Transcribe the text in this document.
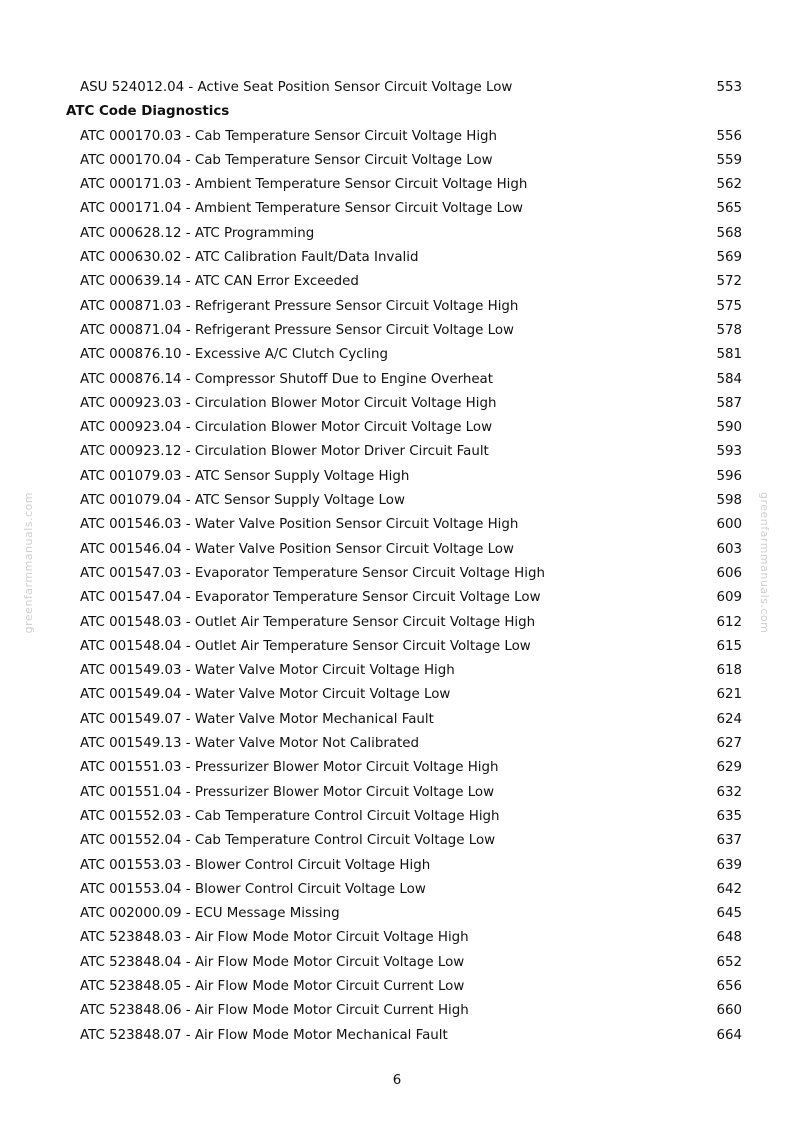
greenfarmmanuals.com	greenfarmmanuals.com
ASU 524012.04 - Active Seat Position Sensor Circuit Voltage Low	553
ATC Code Diagnostics
ATC 000170.03 - Cab Temperature Sensor Circuit Voltage High	556
ATC 000170.04 - Cab Temperature Sensor Circuit Voltage Low	559
ATC 000171.03 - Ambient Temperature Sensor Circuit Voltage High	562
ATC 000171.04 - Ambient Temperature Sensor Circuit Voltage Low	565
ATC 000628.12 - ATC Programming	568
ATC 000630.02 - ATC Calibration Fault/Data Invalid	569
ATC 000639.14 - ATC CAN Error Exceeded	572
ATC 000871.03 - Refrigerant Pressure Sensor Circuit Voltage High	575
ATC 000871.04 - Refrigerant Pressure Sensor Circuit Voltage Low	578
ATC 000876.10 - Excessive A/C Clutch Cycling	581
ATC 000876.14 - Compressor Shutoff Due to Engine Overheat	584
ATC 000923.03 - Circulation Blower Motor Circuit Voltage High	587
ATC 000923.04 - Circulation Blower Motor Circuit Voltage Low	590
ATC 000923.12 - Circulation Blower Motor Driver Circuit Fault	593
ATC 001079.03 - ATC Sensor Supply Voltage High	596
ATC 001079.04 - ATC Sensor Supply Voltage Low	598
ATC 001546.03 - Water Valve Position Sensor Circuit Voltage High	600
ATC 001546.04 - Water Valve Position Sensor Circuit Voltage Low	603
ATC 001547.03 - Evaporator Temperature Sensor Circuit Voltage High	606
ATC 001547.04 - Evaporator Temperature Sensor Circuit Voltage Low	609
ATC 001548.03 - Outlet Air Temperature Sensor Circuit Voltage High	612
ATC 001548.04 - Outlet Air Temperature Sensor Circuit Voltage Low	615
ATC 001549.03 - Water Valve Motor Circuit Voltage High	618
ATC 001549.04 - Water Valve Motor Circuit Voltage Low	621
ATC 001549.07 - Water Valve Motor Mechanical Fault	624
ATC 001549.13 - Water Valve Motor Not Calibrated	627
ATC 001551.03 - Pressurizer Blower Motor Circuit Voltage High	629
ATC 001551.04 - Pressurizer Blower Motor Circuit Voltage Low	632
ATC 001552.03 - Cab Temperature Control Circuit Voltage High	635
ATC 001552.04 - Cab Temperature Control Circuit Voltage Low	637
ATC 001553.03 - Blower Control Circuit Voltage High	639
ATC 001553.04 - Blower Control Circuit Voltage Low	642
ATC 002000.09 - ECU Message Missing	645
ATC 523848.03 - Air Flow Mode Motor Circuit Voltage High	648
ATC 523848.04 - Air Flow Mode Motor Circuit Voltage Low	652
ATC 523848.05 - Air Flow Mode Motor Circuit Current Low	656
ATC 523848.06 - Air Flow Mode Motor Circuit Current High	660
ATC 523848.07 - Air Flow Mode Motor Mechanical Fault	664
6
